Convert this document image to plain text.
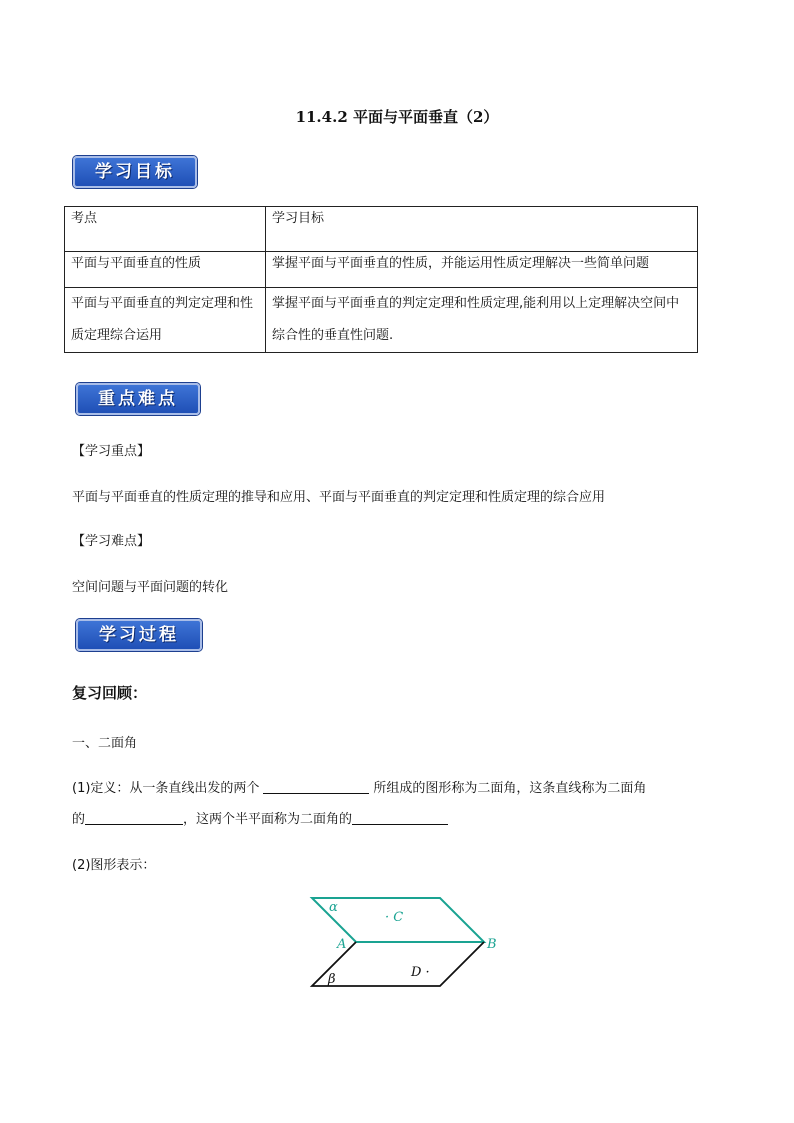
11.4.2 平面与平面垂直（2）
学习目标
考点	学习目标
平面与平面垂直的性质	掌握平面与平面垂直的性质，并能运用性质定理解决一些简单问题
平面与平面垂直的判定定理和性质定理综合运用	掌握平面与平面垂直的判定定理和性质定理,能利用以上定理解决空间中综合性的垂直性问题.
重点难点
【学习重点】
平面与平面垂直的性质定理的推导和应用、平面与平面垂直的判定定理和性质定理的综合应用
【学习难点】
空间问题与平面问题的转化
学习过程
复习回顾：
一、二面角
(1)定义：从一条直线出发的两个	所组成的图形称为二面角，这条直线称为二面角
的	，这两个半平面称为二面角的
(2)图形表示：
α
· C
A	B
D ·
β
